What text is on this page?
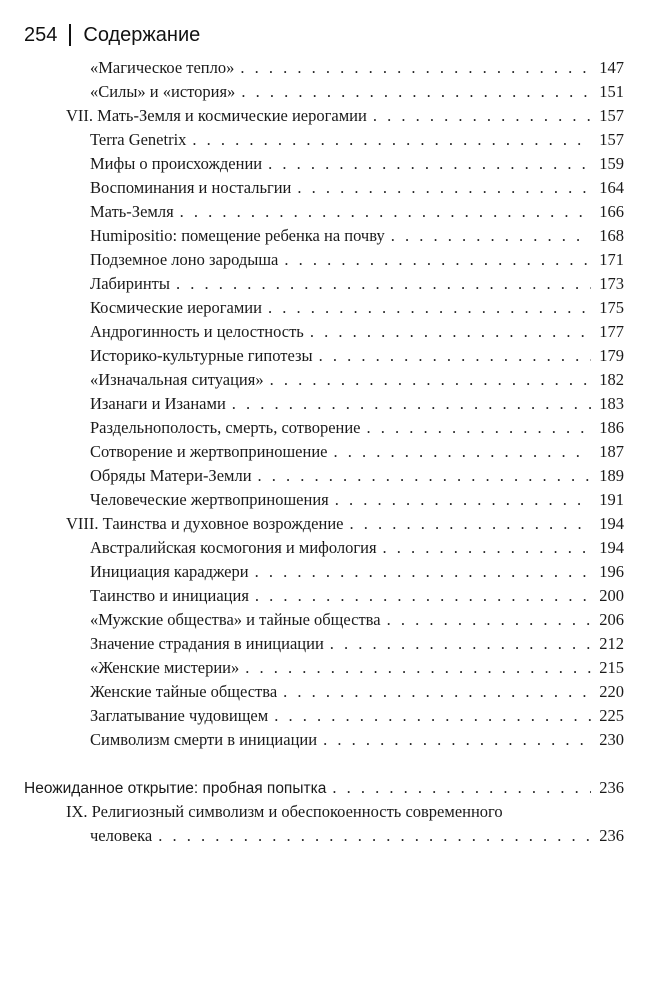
254 Содержание
«Магическое тепло» . . .	147
«Силы» и «история» . . .	151
VII. Мать-Земля и космические иерогамии . . .	157
Terra Genetrix . . .	157
Мифы о происхождении . . .	159
Воспоминания и ностальгии . . .	164
Мать-Земля . . .	166
Humipositio: помещение ребенка на почву . . .	168
Подземное лоно зародыша . . .	171
Лабиринты . . .	173
Космические иерогамии . . .	175
Андрогинность и целостность . . .	177
Историко-культурные гипотезы . . .	179
«Изначальная ситуация» . . .	182
Изанаги и Изанами . . .	183
Раздельнополость, смерть, сотворение . . .	186
Сотворение и жертвоприношение . . .	187
Обряды Матери-Земли . . .	189
Человеческие жертвоприношения . . .	191
VIII. Таинства и духовное возрождение . . .	194
Австралийская космогония и мифология . . .	194
Инициация караджери . . .	196
Таинство и инициация . . .	200
«Мужские общества» и тайные общества . . .	206
Значение страдания в инициации . . .	212
«Женские мистерии» . . .	215
Женские тайные общества . . .	220
Заглатывание чудовищем . . .	225
Символизм смерти в инициации . . .	230
Неожиданное открытие: пробная попытка . . .	236
IX. Религиозный символизм и обеспокоенность современного
человека . . .	236
